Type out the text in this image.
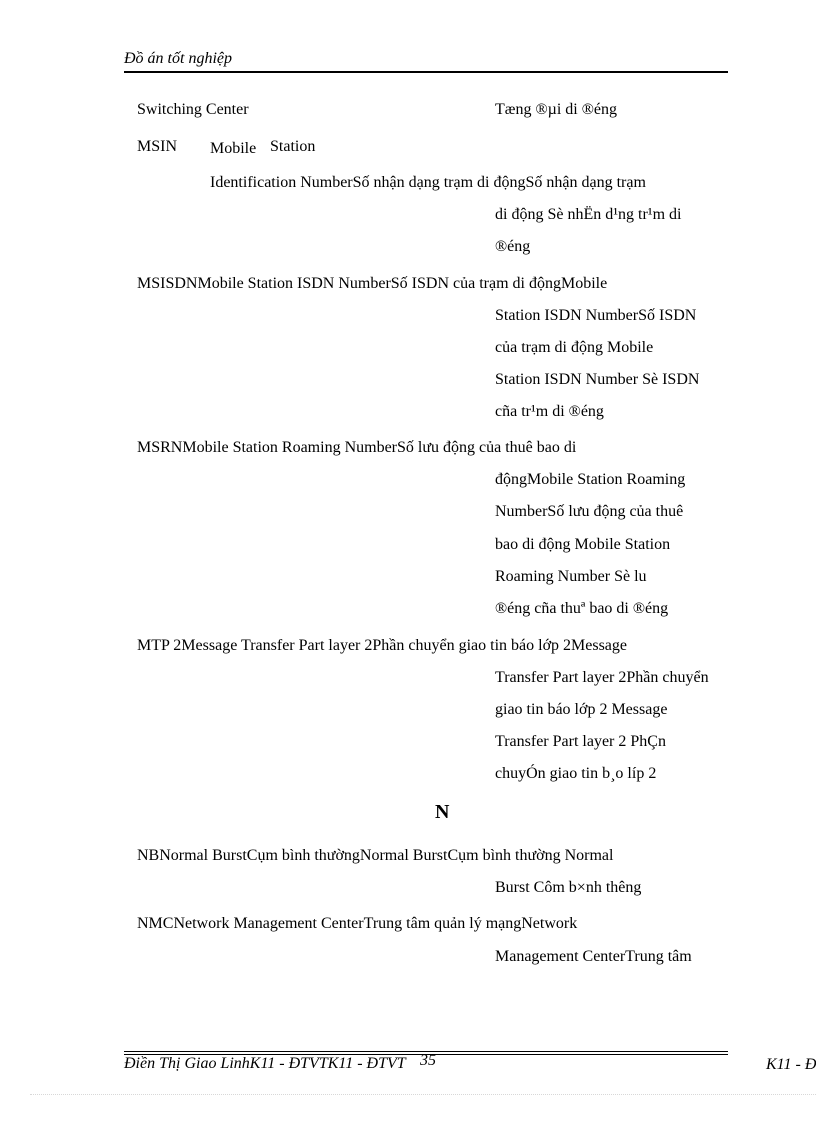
Đồ án tốt nghiệp
Switching Center	Tæng ®µi di ®éng
MSIN Mobile Station
Identification NumberSố nhận dạng trạm di độngSố nhận dạng trạm
di động Sè nhËn d¹ng tr¹m di
®éng
MSISDNMobile Station ISDN NumberSố ISDN của trạm di độngMobile
Station ISDN NumberSố ISDN
của trạm di động Mobile
Station ISDN Number Sè ISDN
cña tr¹m di ®éng
MSRNMobile Station Roaming NumberSố lưu động của thuê bao di
độngMobile Station Roaming
NumberSố lưu động của thuê
bao di động Mobile Station
Roaming Number Sè lu
®éng cña thuª bao di ®éng
MTP 2Message Transfer Part layer 2Phần chuyển giao tin báo lớp 2Message
Transfer Part layer 2Phần chuyển
giao tin báo lớp 2 Message
Transfer Part layer 2 PhÇn
chuyÓn giao tin b¸o líp 2
N
NBNormal BurstCụm bình thườngNormal BurstCụm bình thường Normal
Burst Côm b×nh thêng
NMCNetwork Management CenterTrung tâm quản lý mạngNetwork
Management CenterTrung tâm
Điền Thị Giao LinhK11 - ĐTVTK11 - ĐTVT 35	K11 - Đ
